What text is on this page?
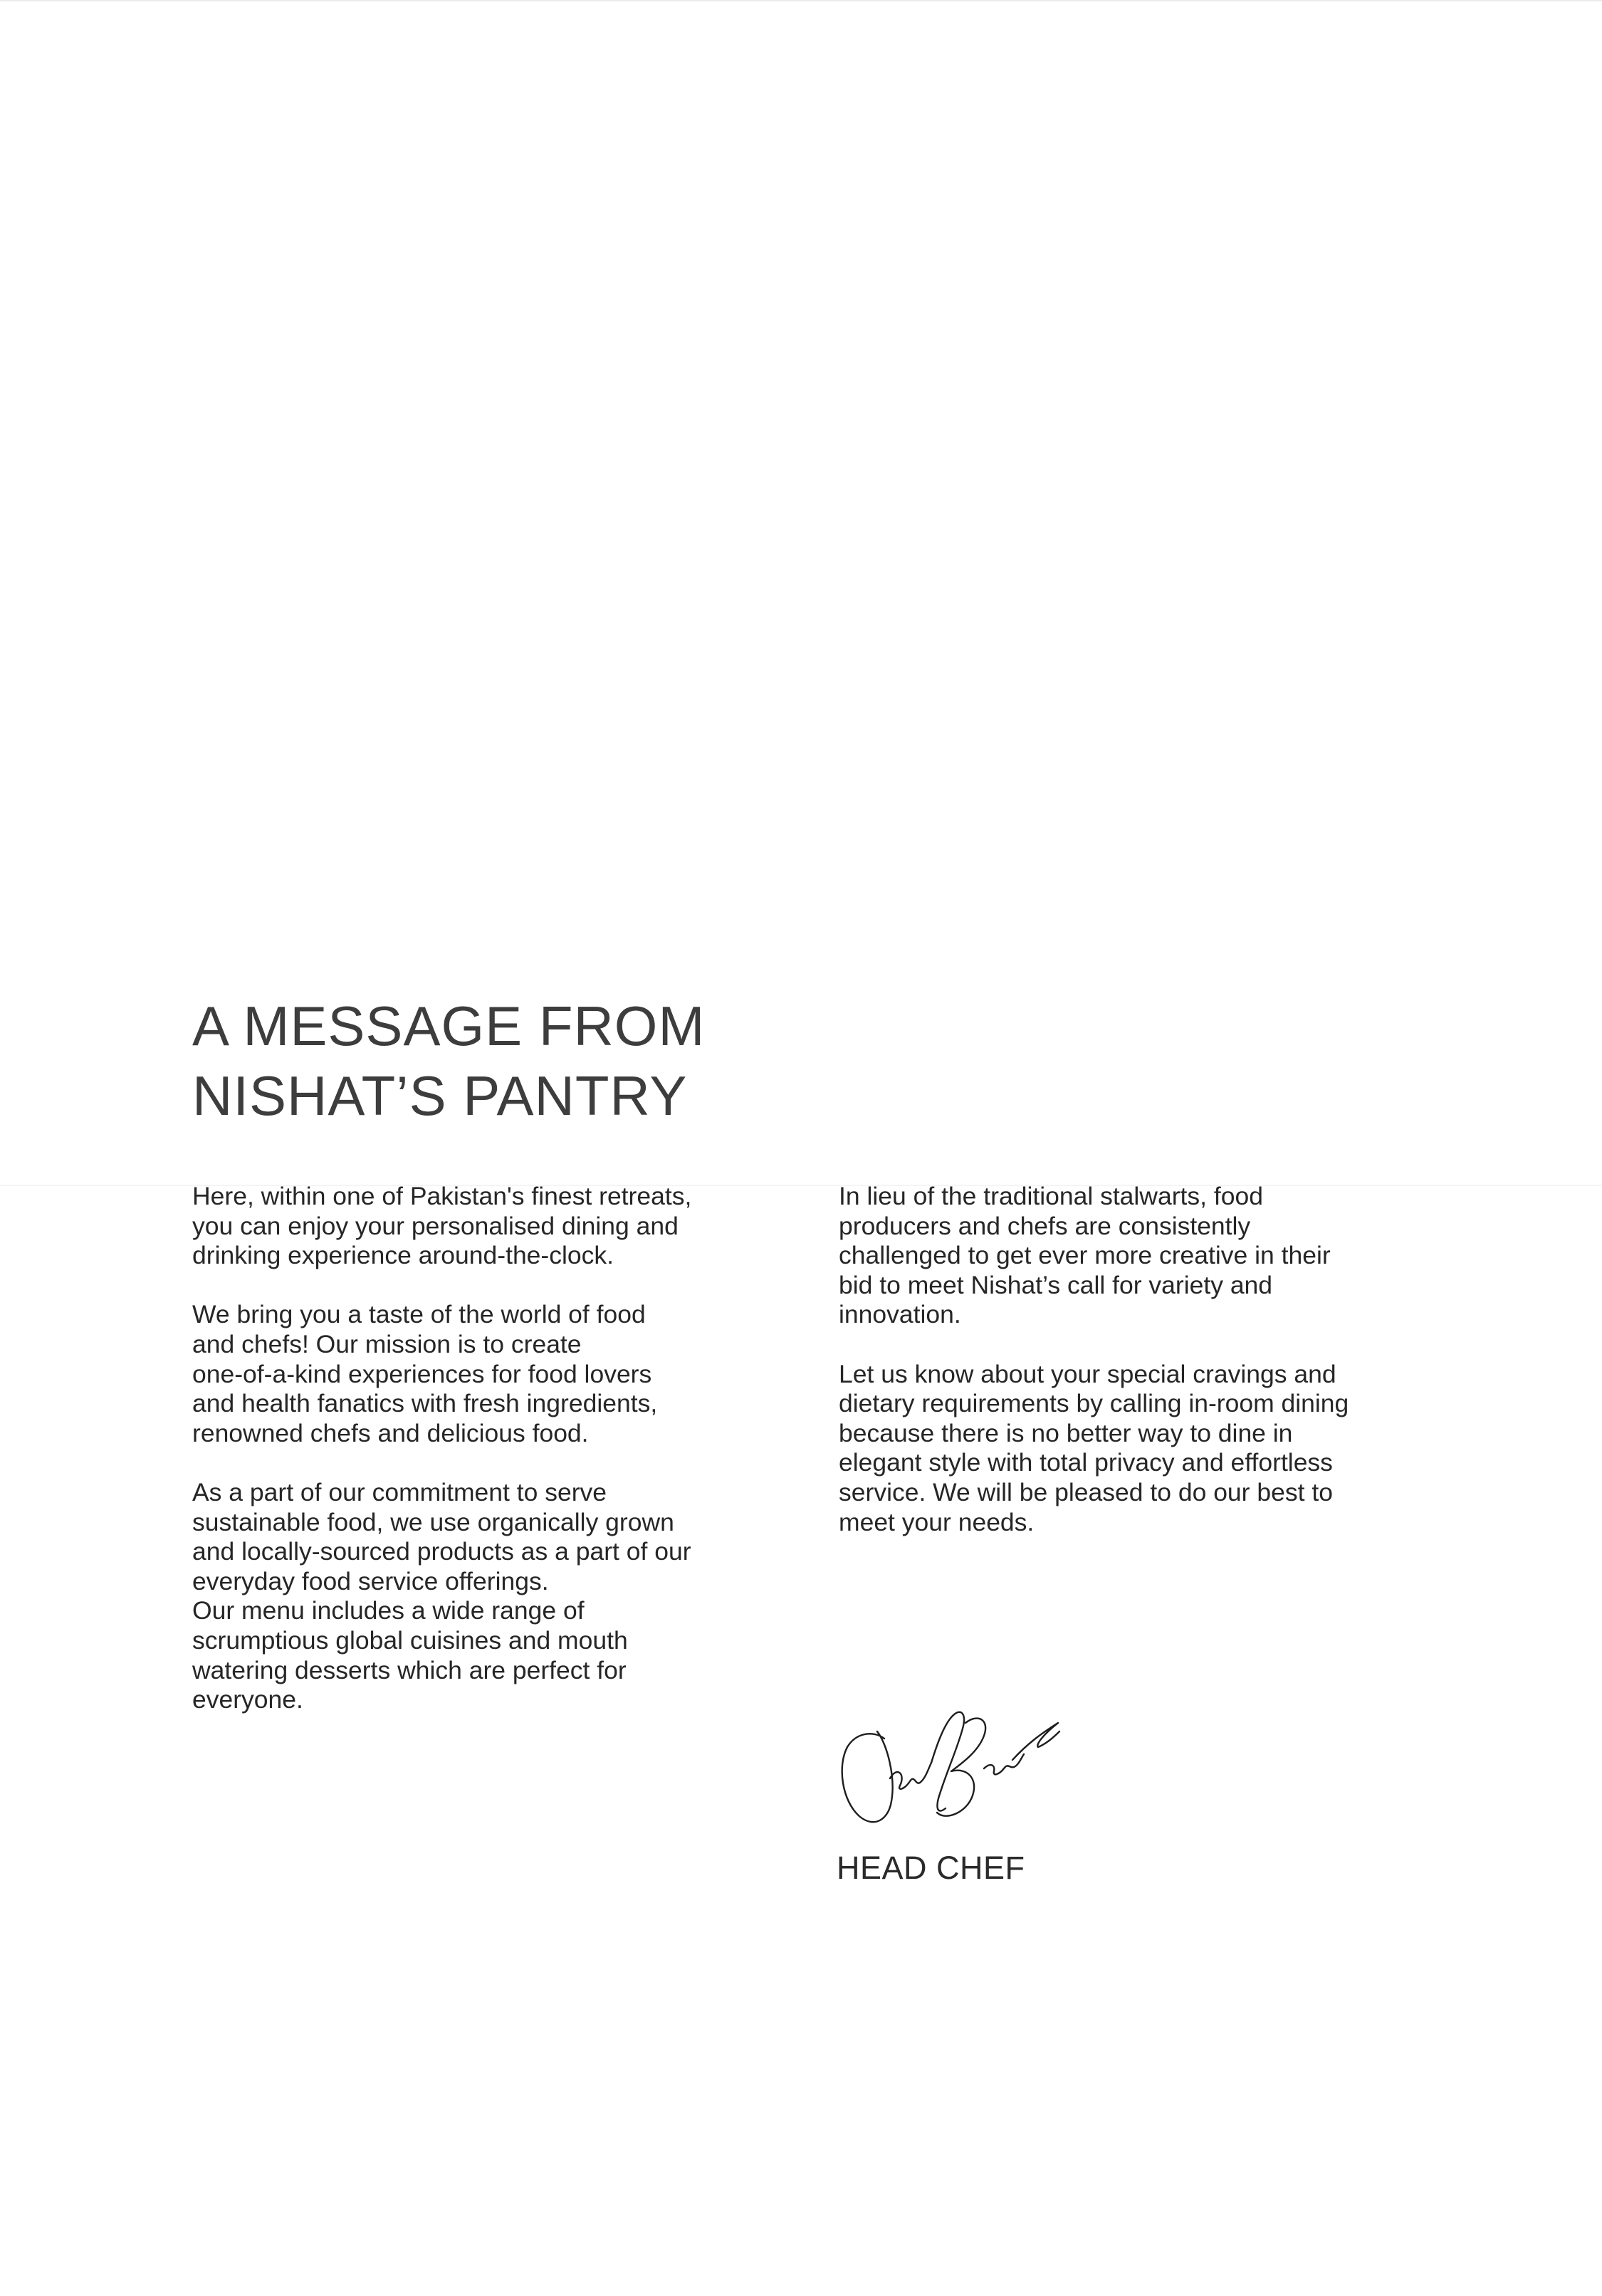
A MESSAGE FROM
NISHAT’S PANTRY

Here, within one of Pakistan's finest retreats,
you can enjoy your personalised dining and
drinking experience around-the-clock.

We bring you a taste of the world of food
and chefs! Our mission is to create
one-of-a-kind experiences for food lovers
and health fanatics with fresh ingredients,
renowned chefs and delicious food.

As a part of our commitment to serve
sustainable food, we use organically grown
and locally-sourced products as a part of our
everyday food service offerings.

Our menu includes a wide range of
scrumptious global cuisines and mouth
watering desserts which are perfect for
everyone.

In lieu of the traditional stalwarts, food
producers and chefs are consistently
challenged to get ever more creative in their
bid to meet Nishat’s call for variety and
innovation.

Let us know about your special cravings and
dietary requirements by calling in-room dining
because there is no better way to dine in
elegant style with total privacy and effortless
service. We will be pleased to do our best to
meet your needs.

HEAD CHEF
